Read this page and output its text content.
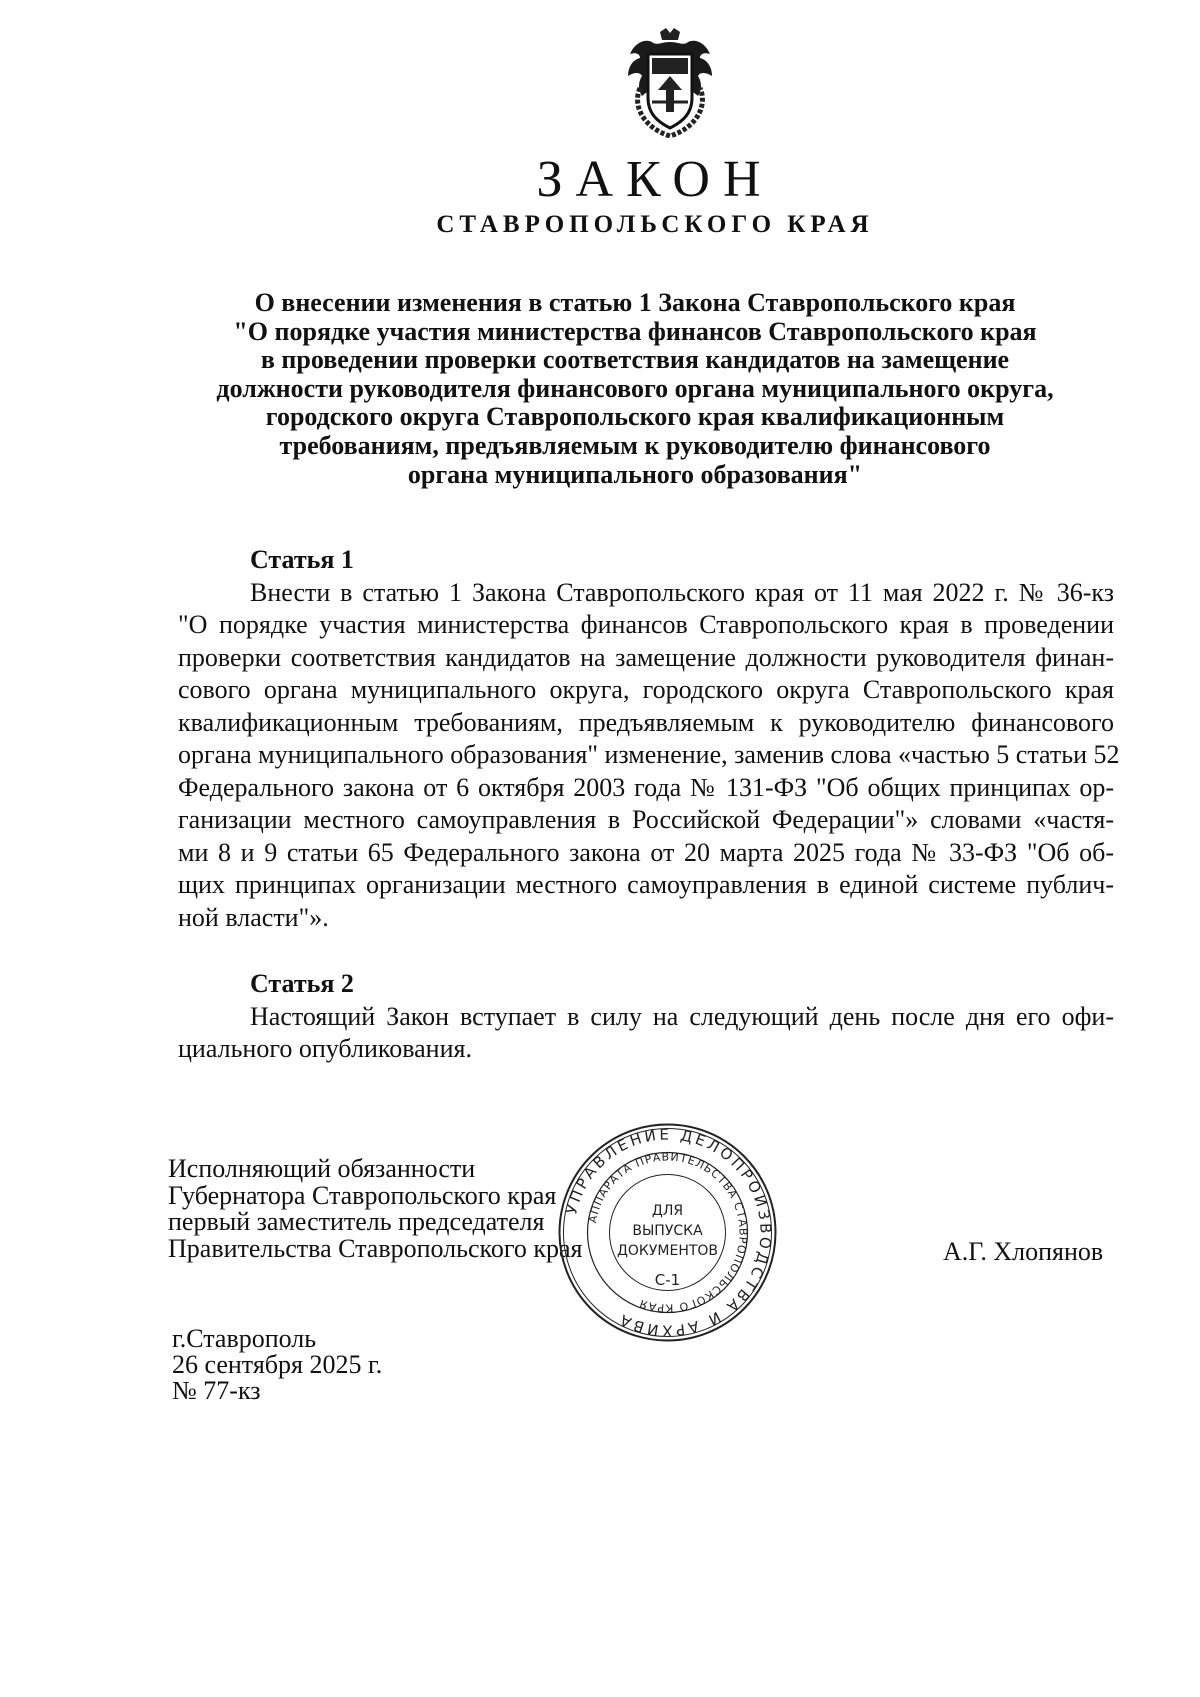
ЗАКОН
СТАВРОПОЛЬСКОГО КРАЯ
О внесении изменения в статью 1 Закона Ставропольского края
"О порядке участия министерства финансов Ставропольского края
в проведении проверки соответствия кандидатов на замещение
должности руководителя финансового органа муниципального округа,
городского округа Ставропольского края квалификационным
требованиям, предъявляемым к руководителю финансового
органа муниципального образования"
Статья 1
Внести в статью 1 Закона Ставропольского края от 11 мая 2022 г. № 36-кз
"О порядке участия министерства финансов Ставропольского края в проведении
проверки соответствия кандидатов на замещение должности руководителя финан-
сового органа муниципального округа, городского округа Ставропольского края
квалификационным требованиям, предъявляемым к руководителю финансового
органа муниципального образования" изменение, заменив слова «частью 5 статьи 52
Федерального закона от 6 октября 2003 года № 131-ФЗ "Об общих принципах ор-
ганизации местного самоуправления в Российской Федерации"» словами «частя-
ми 8 и 9 статьи 65 Федерального закона от 20 марта 2025 года № 33-ФЗ "Об об-
щих принципах организации местного самоуправления в единой системе публич-
ной власти"».
Статья 2
Настоящий Закон вступает в силу на следующий день после дня его офи-
циального опубликования.
Исполняющий обязанности
Губернатора Ставропольского края
первый заместитель председателя
Правительства Ставропольского края	А.Г. Хлопянов
УПРАВЛЕНИЕ ДЕЛОПРОИЗВОДСТВА И АРХИВА
АППАРАТА ПРАВИТЕЛЬСТВА СТАВРОПОЛЬСКОГО КРАЯ
ДЛЯ
ВЫПУСКА
ДОКУМЕНТОВ
С-1
г.Ставрополь
26 сентября 2025 г.
№ 77-кз
